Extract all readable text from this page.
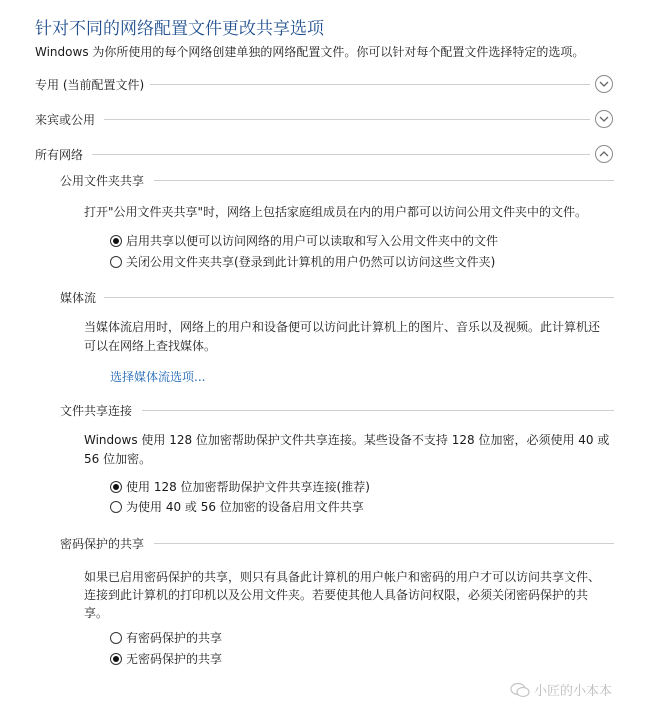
针对不同的网络配置文件更改共享选项
Windows 为你所使用的每个网络创建单独的网络配置文件。你可以针对每个配置文件选择特定的选项。
专用 (当前配置文件)
来宾或公用
所有网络
公用文件夹共享
打开"公用文件夹共享"时，网络上包括家庭组成员在内的用户都可以访问公用文件夹中的文件。
启用共享以便可以访问网络的用户可以读取和写入公用文件夹中的文件
关闭公用文件夹共享(登录到此计算机的用户仍然可以访问这些文件夹)
媒体流
当媒体流启用时，网络上的用户和设备便可以访问此计算机上的图片、音乐以及视频。此计算机还
可以在网络上查找媒体。
选择媒体流选项...
文件共享连接
Windows 使用 128 位加密帮助保护文件共享连接。某些设备不支持 128 位加密，必须使用 40 或
56 位加密。
使用 128 位加密帮助保护文件共享连接(推荐)
为使用 40 或 56 位加密的设备启用文件共享
密码保护的共享
如果已启用密码保护的共享，则只有具备此计算机的用户帐户和密码的用户才可以访问共享文件、
连接到此计算机的打印机以及公用文件夹。若要使其他人具备访问权限，必须关闭密码保护的共
享。
有密码保护的共享
无密码保护的共享
小匠的小本本
